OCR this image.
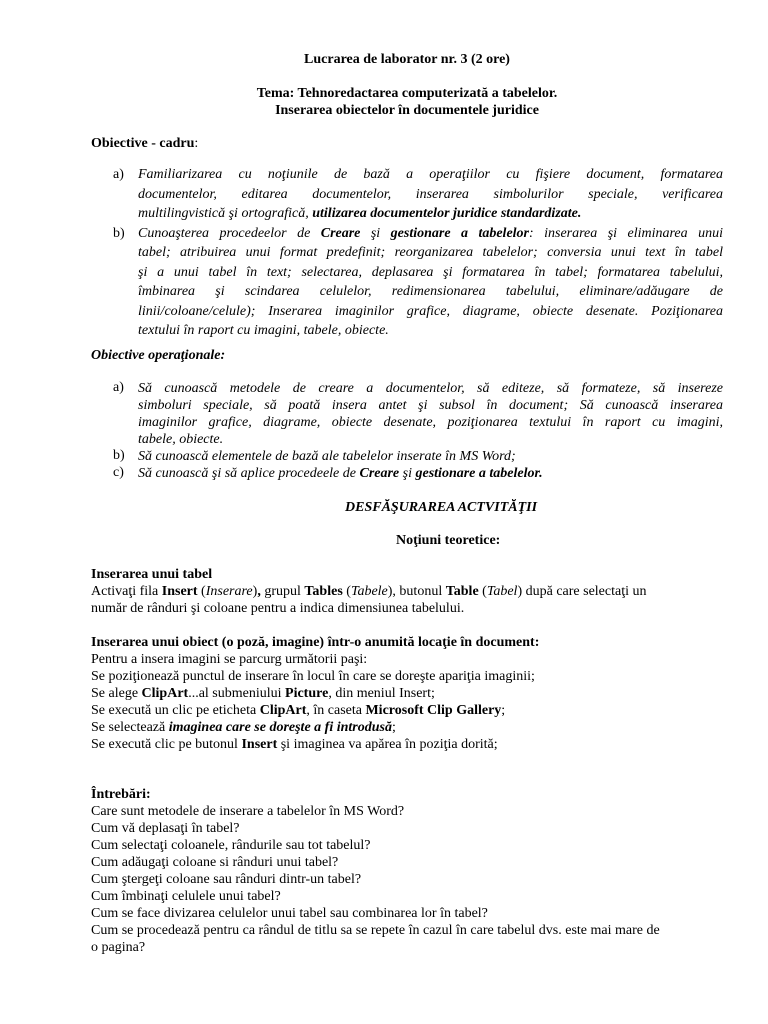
Lucrarea de laborator nr. 3 (2 ore)
Tema: Tehnoredactarea computerizată a tabelelor.
Inserarea obiectelor în documentele juridice
Obiective - cadru:
a) Familiarizarea cu noţiunile de bază a operaţiilor cu fişiere document, formatarea
documentelor, editarea documentelor, inserarea simbolurilor speciale, verificarea
multilingvistică şi ortografică, utilizarea documentelor juridice standardizate.
b) Cunoaşterea procedeelor de Creare şi gestionare a tabelelor: inserarea şi eliminarea unui
tabel; atribuirea unui format predefinit; reorganizarea tabelelor; conversia unui text în tabel
şi a unui tabel în text; selectarea, deplasarea şi formatarea în tabel; formatarea tabelului,
îmbinarea şi scindarea celulelor, redimensionarea tabelului, eliminare/adăugare de
linii/coloane/celule); Inserarea imaginilor grafice, diagrame, obiecte desenate. Poziţionarea
textului în raport cu imagini, tabele, obiecte.
Obiective operaţionale:
a) Să cunoască metodele de creare a documentelor, să editeze, să formateze, să insereze
simboluri speciale, să poată insera antet şi subsol în document; Să cunoască inserarea
imaginilor grafice, diagrame, obiecte desenate, poziţionarea textului în raport cu imagini,
tabele, obiecte.
b) Să cunoască elementele de bază ale tabelelor inserate în MS Word;
c) Să cunoască şi să aplice procedeele de Creare şi gestionare a tabelelor.
DESFĂŞURAREA ACTVITĂŢII
Noţiuni teoretice:
Inserarea unui tabel
Activaţi fila Insert (Inserare), grupul Tables (Tabele), butonul Table (Tabel) după care selectaţi un
număr de rânduri şi coloane pentru a indica dimensiunea tabelului.
Inserarea unui obiect (o poză, imagine) într-o anumită locaţie în document:
Pentru a insera imagini se parcurg următorii paşi:
Se poziţionează punctul de inserare în locul în care se doreşte apariţia imaginii;
Se alege ClipArt...al submeniului Picture, din meniul Insert;
Se execută un clic pe eticheta ClipArt, în caseta Microsoft Clip Gallery;
Se selectează imaginea care se doreşte a fi introdusă;
Se execută clic pe butonul Insert şi imaginea va apărea în poziţia dorită;
Întrebări:
Care sunt metodele de inserare a tabelelor în MS Word?
Cum vă deplasaţi în tabel?
Cum selectaţi coloanele, rândurile sau tot tabelul?
Cum adăugaţi coloane si rânduri unui tabel?
Cum ştergeţi coloane sau rânduri dintr-un tabel?
Cum îmbinaţi celulele unui tabel?
Cum se face divizarea celulelor unui tabel sau combinarea lor în tabel?
Cum se procedează pentru ca rândul de titlu sa se repete în cazul în care tabelul dvs. este mai mare de
o pagina?
